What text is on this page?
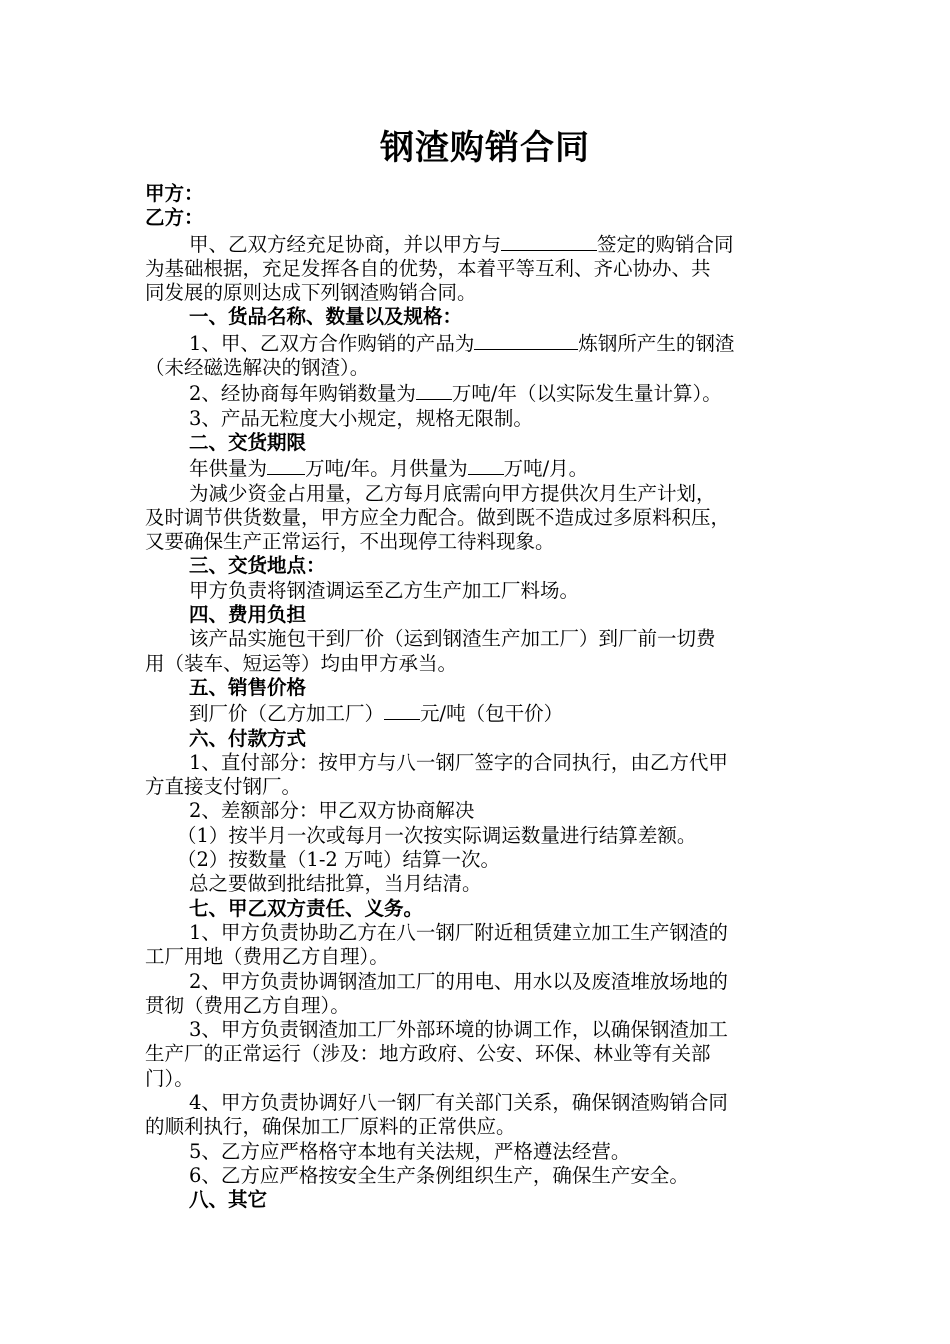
钢渣购销合同

甲方：

乙方：

甲、乙双方经充足协商，并以甲方与	签定的购销合同

为基础根据，充足发挥各自的优势，本着平等互利、齐心协办、共

同发展的原则达成下列钢渣购销合同。

一、货品名称、数量以及规格：

1、甲、乙双方合作购销的产品为	炼钢所产生的钢渣

（未经磁选解决的钢渣）。

2、经协商每年购销数量为 万吨/年（以实际发生量计算）。

3、产品无粒度大小规定，规格无限制。

二、交货期限

年供量为 万吨/年。月供量为 万吨/月。

为减少资金占用量，乙方每月底需向甲方提供次月生产计划，

及时调节供货数量，甲方应全力配合。做到既不造成过多原料积压，

又要确保生产正常运行，不出现停工待料现象。

三、交货地点：

甲方负责将钢渣调运至乙方生产加工厂料场。

四、费用负担

该产品实施包干到厂价（运到钢渣生产加工厂）到厂前一切费

用（装车、短运等）均由甲方承当。

五、销售价格

到厂价（乙方加工厂） 元/吨（包干价）

六、付款方式

1、直付部分：按甲方与八一钢厂签字的合同执行，由乙方代甲

方直接支付钢厂。

2、差额部分：甲乙双方协商解决

（1）按半月一次或每月一次按实际调运数量进行结算差额。

（2）按数量（1-2 万吨）结算一次。

总之要做到批结批算，当月结清。

七、甲乙双方责任、义务。

1、甲方负责协助乙方在八一钢厂附近租赁建立加工生产钢渣的

工厂用地（费用乙方自理）。

2、甲方负责协调钢渣加工厂的用电、用水以及废渣堆放场地的

贯彻（费用乙方自理）。

3、甲方负责钢渣加工厂外部环境的协调工作，以确保钢渣加工

生产厂的正常运行（涉及：地方政府、公安、环保、林业等有关部

门）。

4、甲方负责协调好八一钢厂有关部门关系，确保钢渣购销合同

的顺利执行，确保加工厂原料的正常供应。

5、乙方应严格格守本地有关法规，严格遵法经营。

6、乙方应严格按安全生产条例组织生产，确保生产安全。

八、其它
